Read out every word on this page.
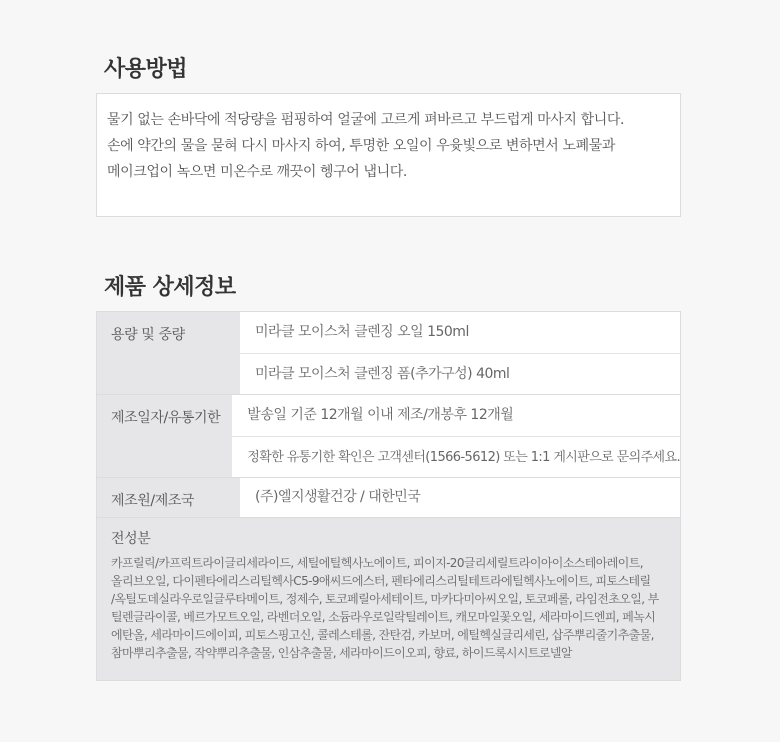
사용방법

물기 없는 손바닥에 적당량을 펌핑하여 얼굴에 고르게 펴바르고 부드럽게 마사지 합니다.

손에 약간의 물을 묻혀 다시 마사지 하여, 투명한 오일이 우윳빛으로 변하면서 노폐물과

메이크업이 녹으면 미온수로 깨끗이 헹구어 냅니다.

제품 상세정보
용량 및 중량	미라클 모이스처 클렌징 오일 150ml
미라클 모이스처 클렌징 폼(추가구성) 40ml
제조일자/유통기한	발송일 기준 12개월 이내 제조/개봉후 12개월
정확한 유통기한 확인은 고객센터(1566-5612) 또는 1:1 게시판으로 문의주세요.
제조원/제조국	(주)엘지생활건강 / 대한민국
전성분
카프릴릭/카프릭트라이글리세라이드, 세틸에틸헥사노에이트, 피이지-20글리세릴트라이아이소스테아레이트,
올리브오일, 다이펜타에리스리틸헥사C5-9애씨드에스터, 펜타에리스리틸테트라에틸헥사노에이트, 피토스테릴
/옥틸도데실라우로일글루타메이트, 정제수, 토코페릴아세테이트, 마카다미아씨오일, 토코페롤, 라임전초오일, 부
틸렌글라이콜, 베르가모트오일, 라벤더오일, 소듐라우로일락틸레이트, 캐모마일꽃오일, 세라마이드엔피, 페녹시
에탄올, 세라마이드에이피, 피토스핑고신, 콜레스테롤, 잔탄검, 카보머, 에틸헥실글리세린, 삽주뿌리줄기추출물,
참마뿌리추출물, 작약뿌리추출물, 인삼추출물, 세라마이드이오피, 향료, 하이드록시시트로넬알
